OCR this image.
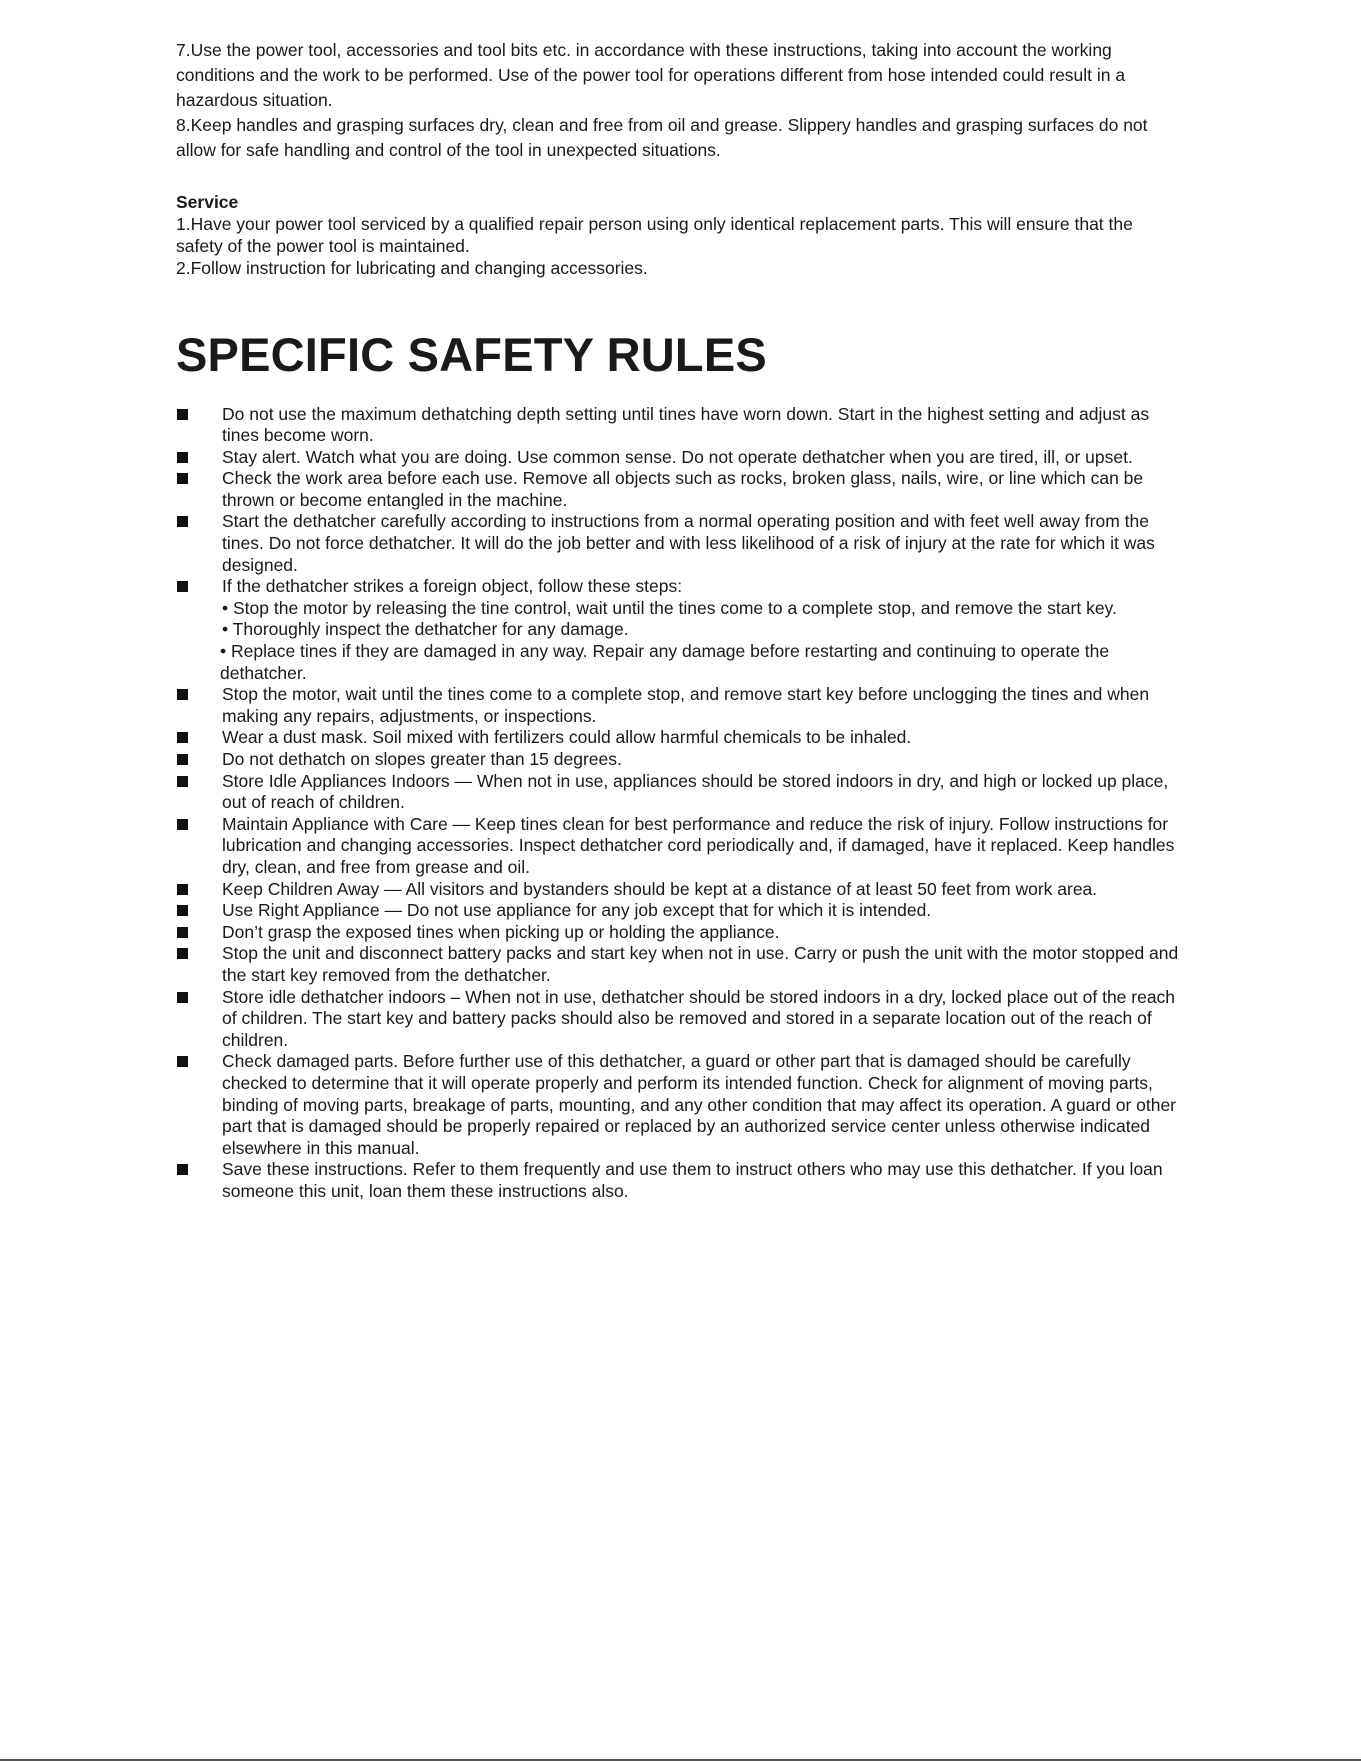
7.Use the power tool, accessories and tool bits etc. in accordance with these instructions, taking into account the working conditions and the work to be performed. Use of the power tool for operations different from hose intended could result in a hazardous situation.

8.Keep handles and grasping surfaces dry, clean and free from oil and grease. Slippery handles and grasping surfaces do not allow for safe handling and control of the tool in unexpected situations.

Service

1.Have your power tool serviced by a qualified repair person using only identical replacement parts. This will ensure that the safety of the power tool is maintained.

2.Follow instruction for lubricating and changing accessories.

SPECIFIC SAFETY RULES
Do not use the maximum dethatching depth setting until tines have worn down. Start in the highest setting and adjust as tines become worn.
Stay alert. Watch what you are doing. Use common sense. Do not operate dethatcher when you are tired, ill, or upset.
Check the work area before each use. Remove all objects such as rocks, broken glass, nails, wire, or line which can be thrown or become entangled in the machine.
Start the dethatcher carefully according to instructions from a normal operating position and with feet well away from the tines. Do not force dethatcher. It will do the job better and with less likelihood of a risk of injury at the rate for which it was designed.
If the dethatcher strikes a foreign object, follow these steps:
• Stop the motor by releasing the tine control, wait until the tines come to a complete stop, and remove the start key.
• Thoroughly inspect the dethatcher for any damage.
• Replace tines if they are damaged in any way. Repair any damage before restarting and continuing to operate the dethatcher.
Stop the motor, wait until the tines come to a complete stop, and remove start key before unclogging the tines and when making any repairs, adjustments, or inspections.
Wear a dust mask. Soil mixed with fertilizers could allow harmful chemicals to be inhaled.
Do not dethatch on slopes greater than 15 degrees.
Store Idle Appliances Indoors — When not in use, appliances should be stored indoors in dry, and high or locked up place, out of reach of children.
Maintain Appliance with Care — Keep tines clean for best performance and reduce the risk of injury. Follow instructions for lubrication and changing accessories. Inspect dethatcher cord periodically and, if damaged, have it replaced. Keep handles dry, clean, and free from grease and oil.
Keep Children Away — All visitors and bystanders should be kept at a distance of at least 50 feet from work area.
Use Right Appliance — Do not use appliance for any job except that for which it is intended.
Don’t grasp the exposed tines when picking up or holding the appliance.
Stop the unit and disconnect battery packs and start key when not in use. Carry or push the unit with the motor stopped and the start key removed from the dethatcher.
Store idle dethatcher indoors – When not in use, dethatcher should be stored indoors in a dry, locked place out of the reach of children. The start key and battery packs should also be removed and stored in a separate location out of the reach of children.
Check damaged parts. Before further use of this dethatcher, a guard or other part that is damaged should be carefully checked to determine that it will operate properly and perform its intended function. Check for alignment of moving parts, binding of moving parts, breakage of parts, mounting, and any other condition that may affect its operation. A guard or other part that is damaged should be properly repaired or replaced by an authorized service center unless otherwise indicated elsewhere in this manual.
Save these instructions. Refer to them frequently and use them to instruct others who may use this dethatcher. If you loan someone this unit, loan them these instructions also.
